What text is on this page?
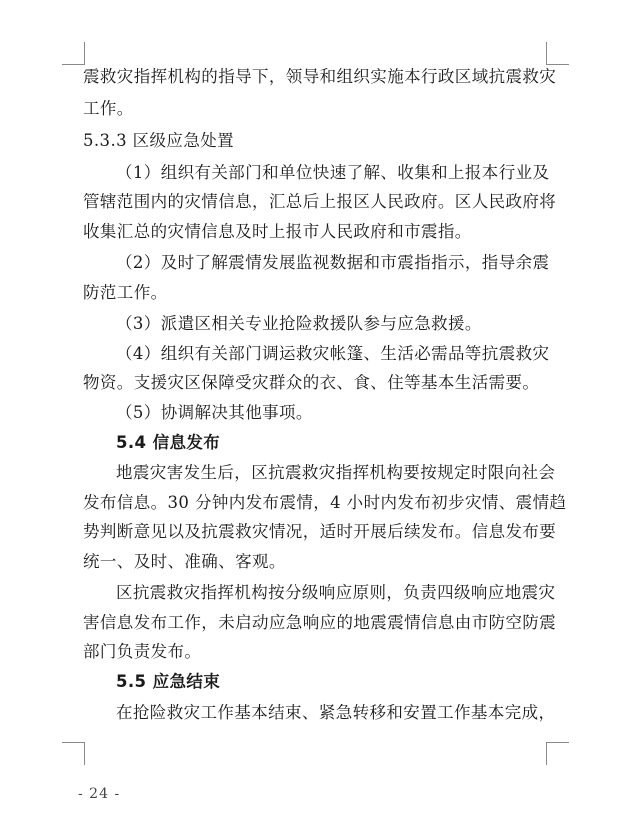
震救灾指挥机构的指导下，领导和组织实施本行政区域抗震救灾
工作。
5.3.3 区级应急处置
（1）组织有关部门和单位快速了解、收集和上报本行业及
管辖范围内的灾情信息，汇总后上报区人民政府。区人民政府将
收集汇总的灾情信息及时上报市人民政府和市震指。
（2）及时了解震情发展监视数据和市震指指示，指导余震
防范工作。
（3）派遣区相关专业抢险救援队参与应急救援。
（4）组织有关部门调运救灾帐篷、生活必需品等抗震救灾
物资。支援灾区保障受灾群众的衣、食、住等基本生活需要。
（5）协调解决其他事项。
5.4 信息发布
地震灾害发生后，区抗震救灾指挥机构要按规定时限向社会
发布信息。30 分钟内发布震情，4 小时内发布初步灾情、震情趋
势判断意见以及抗震救灾情况，适时开展后续发布。信息发布要
统一、及时、准确、客观。
区抗震救灾指挥机构按分级响应原则，负责四级响应地震灾
害信息发布工作，未启动应急响应的地震震情信息由市防空防震
部门负责发布。
5.5 应急结束
在抢险救灾工作基本结束、紧急转移和安置工作基本完成，
- 24 -
